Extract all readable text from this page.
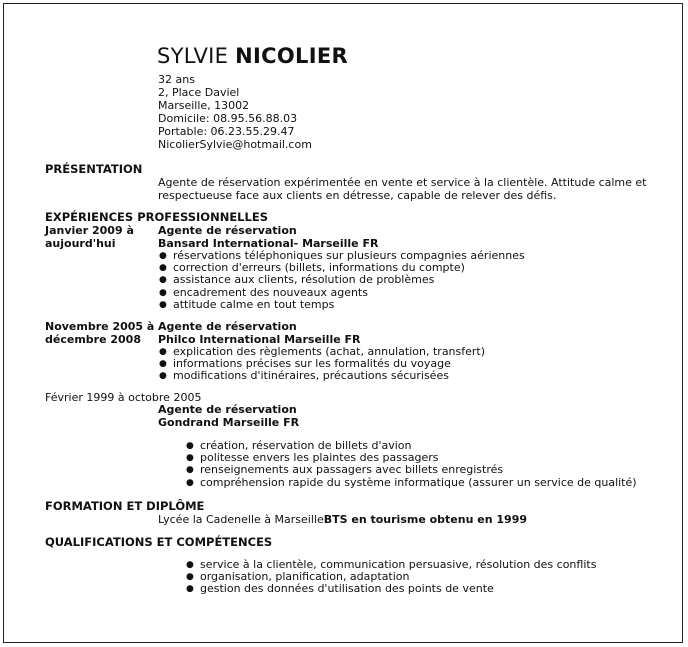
SYLVIE NICOLIER
32 ans
2, Place Daviel
Marseille, 13002
Domicile: 08.95.56.88.03
Portable: 06.23.55.29.47
NicolierSylvie@hotmail.com
PRÉSENTATION
Agente de réservation expérimentée en vente et service à la clientèle. Attitude calme et
respectueuse face aux clients en détresse, capable de relever des défis.
EXPÉRIENCES PROFESSIONNELLES
Janvier 2009 à
aujourd'hui
Agente de réservation
Bansard International- Marseille FR
● réservations téléphoniques sur plusieurs compagnies aériennes
● correction d'erreurs (billets, informations du compte)
● assistance aux clients, résolution de problèmes
● encadrement des nouveaux agents
● attitude calme en tout temps
Novembre 2005 à
décembre 2008
Agente de réservation
Philco International Marseille FR
● explication des règlements (achat, annulation, transfert)
● informations précises sur les formalités du voyage
● modifications d'itinéraires, précautions sécurisées
Février 1999 à octobre 2005
Agente de réservation
Gondrand Marseille FR
● création, réservation de billets d'avion
● politesse envers les plaintes des passagers
● renseignements aux passagers avec billets enregistrés
● compréhension rapide du système informatique (assurer un service de qualité)
FORMATION ET DIPLÔME
Lycée la Cadenelle à MarseilleBTS en tourisme obtenu en 1999
QUALIFICATIONS ET COMPÉTENCES
● service à la clientèle, communication persuasive, résolution des conflits
● organisation, planification, adaptation
● gestion des données d'utilisation des points de vente
